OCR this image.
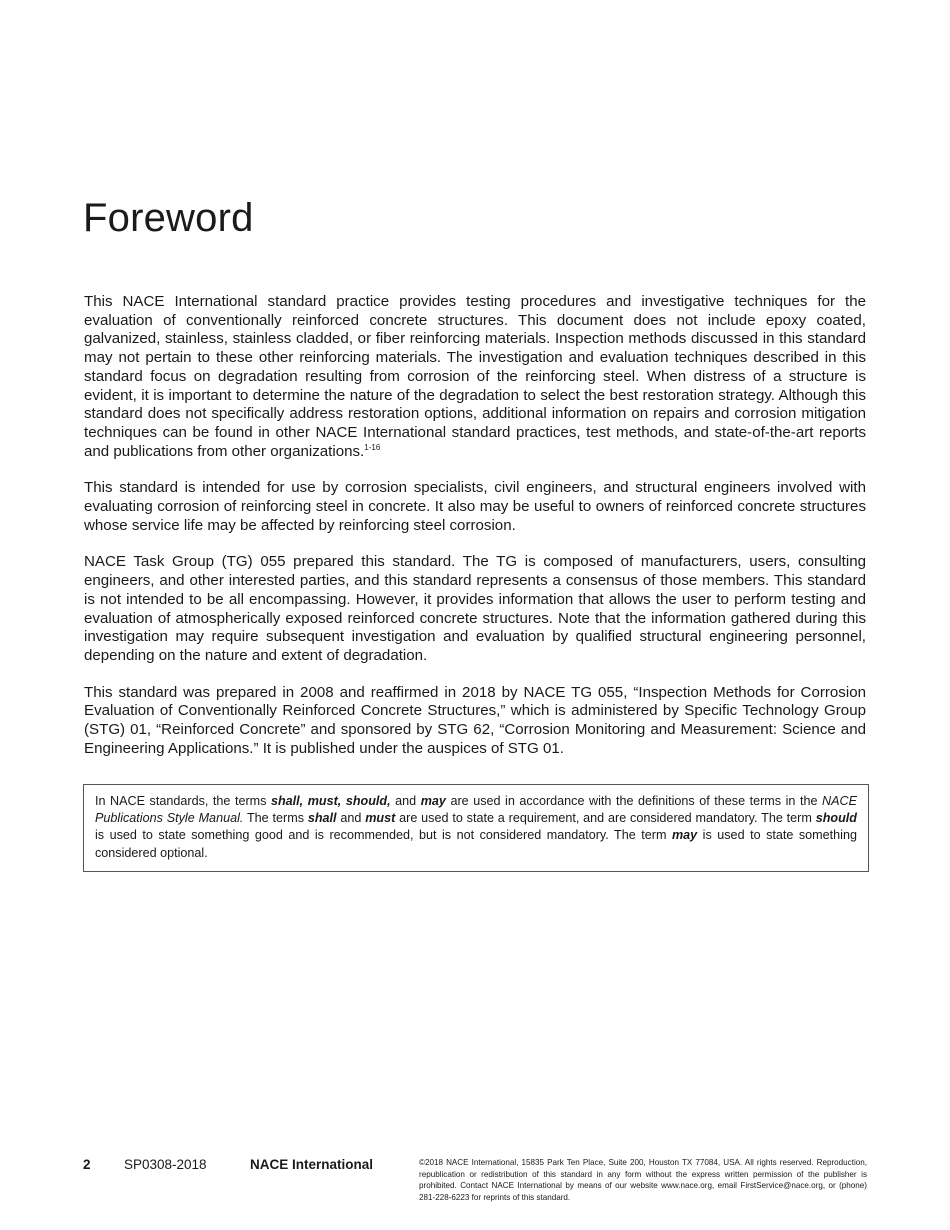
Foreword

This NACE International standard practice provides testing procedures and investigative techniques for the evaluation of conventionally reinforced concrete structures. This document does not include epoxy coated, galvanized, stainless, stainless cladded, or fiber reinforcing materials. Inspection methods discussed in this standard may not pertain to these other reinforcing materials. The investigation and evaluation techniques described in this standard focus on degradation resulting from corrosion of the reinforcing steel. When distress of a structure is evident, it is important to determine the nature of the degradation to select the best restoration strategy. Although this standard does not specifically address restoration options, additional information on repairs and corrosion mitigation techniques can be found in other NACE International standard practices, test methods, and state-of-the-art reports and publications from other organizations.$^{1-16}$

This standard is intended for use by corrosion specialists, civil engineers, and structural engineers involved with evaluating corrosion of reinforcing steel in concrete. It also may be useful to owners of reinforced concrete structures whose service life may be affected by reinforcing steel corrosion.

NACE Task Group (TG) 055 prepared this standard. The TG is composed of manufacturers, users, consulting engineers, and other interested parties, and this standard represents a consensus of those members. This standard is not intended to be all encompassing. However, it provides information that allows the user to perform testing and evaluation of atmospherically exposed reinforced concrete structures. Note that the information gathered during this investigation may require subsequent investigation and evaluation by qualified structural engineering personnel, depending on the nature and extent of degradation.

This standard was prepared in 2008 and reaffirmed in 2018 by NACE TG 055, “Inspection Methods for Corrosion Evaluation of Conventionally Reinforced Concrete Structures,” which is administered by Specific Technology Group (STG) 01, “Reinforced Concrete” and sponsored by STG 62, “Corrosion Monitoring and Measurement: Science and Engineering Applications.” It is published under the auspices of STG 01.

In NACE standards, the terms shall, must, should, and may are used in accordance with the definitions of these terms in the NACE Publications Style Manual. The terms shall and must are used to state a requirement, and are considered mandatory. The term should is used to state something good and is recommended, but is not considered mandatory. The term may is used to state something considered optional.
2 SP0308-2018	NACE International	©2018 NACE International, 15835 Park Ten Place, Suite 200, Houston TX 77084, USA. All rights reserved. Reproduction, republication or redistribution of this standard in any form without the express written permission of the publisher is prohibited. Contact NACE International by means of our website www.nace.org, email FirstService@nace.org, or (phone) 281-228-6223 for reprints of this standard.
